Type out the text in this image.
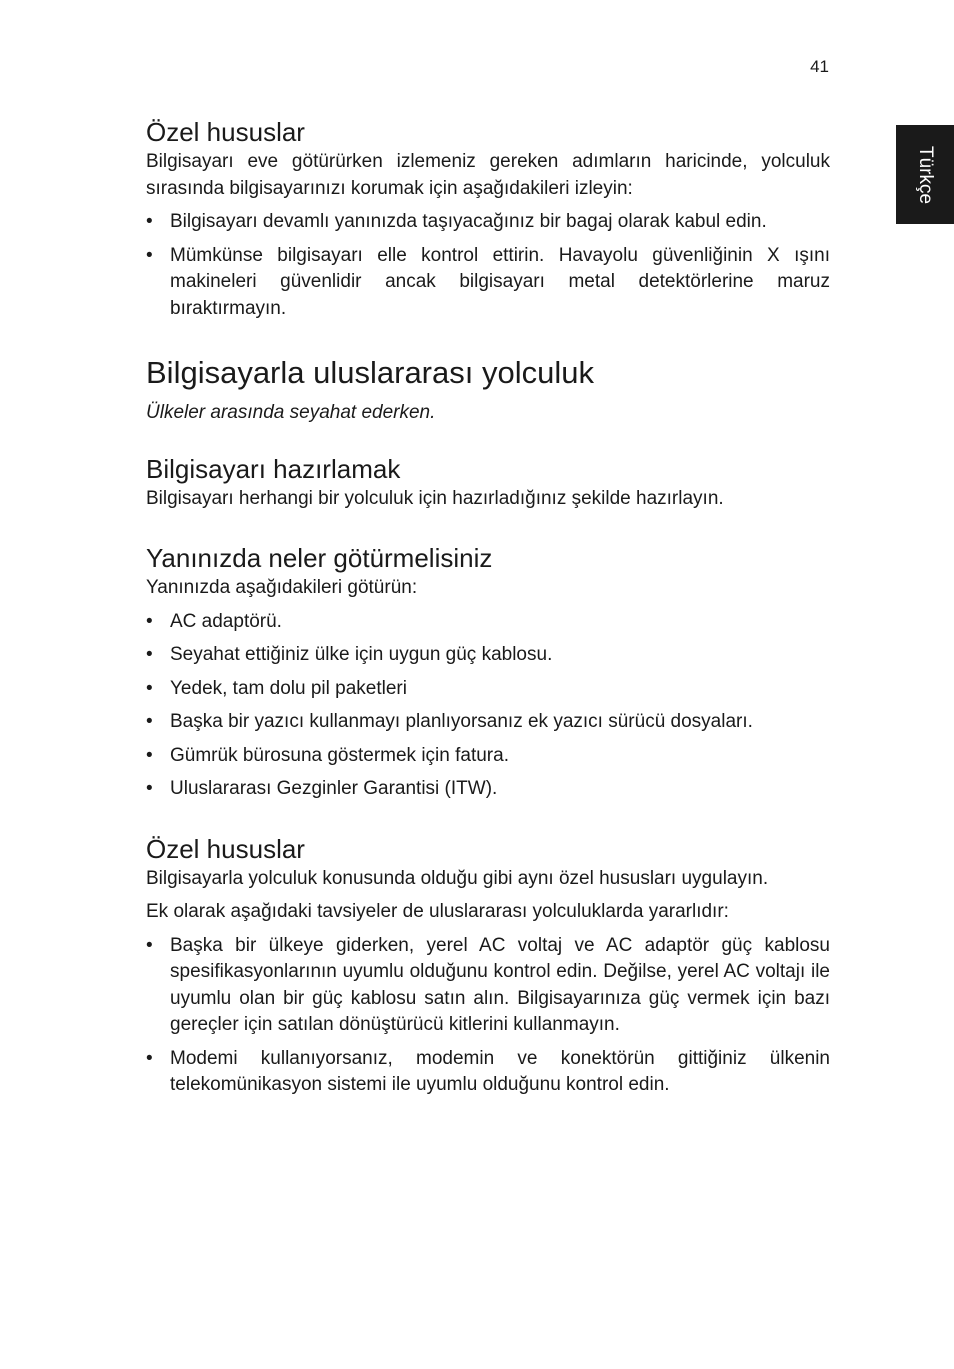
41
Türkçe
Özel hususlar

Bilgisayarı eve götürürken izlemeniz gereken adımların haricinde, yolculuk sırasında bilgisayarınızı korumak için aşağıdakileri izleyin:

• Bilgisayarı devamlı yanınızda taşıyacağınız bir bagaj olarak kabul edin.
• Mümkünse bilgisayarı elle kontrol ettirin. Havayolu güvenliğinin X ışını makineleri güvenlidir ancak bilgisayarı metal detektörlerine maruz bıraktırmayın.
Bilgisayarla uluslararası yolculuk

Ülkeler arasında seyahat ederken.

Bilgisayarı hazırlamak

Bilgisayarı herhangi bir yolculuk için hazırladığınız şekilde hazırlayın.

Yanınızda neler götürmelisiniz

Yanınızda aşağıdakileri götürün:

• AC adaptörü.
• Seyahat ettiğiniz ülke için uygun güç kablosu.
• Yedek, tam dolu pil paketleri
• Başka bir yazıcı kullanmayı planlıyorsanız ek yazıcı sürücü dosyaları.
• Gümrük bürosuna göstermek için fatura.
• Uluslararası Gezginler Garantisi (ITW).
Özel hususlar

Bilgisayarla yolculuk konusunda olduğu gibi aynı özel hususları uygulayın.

Ek olarak aşağıdaki tavsiyeler de uluslararası yolculuklarda yararlıdır:

• Başka bir ülkeye giderken, yerel AC voltaj ve AC adaptör güç kablosu spesifikasyonlarının uyumlu olduğunu kontrol edin. Değilse, yerel AC voltajı ile uyumlu olan bir güç kablosu satın alın. Bilgisayarınıza güç vermek için bazı gereçler için satılan dönüştürücü kitlerini kullanmayın.
• Modemi kullanıyorsanız, modemin ve konektörün gittiğiniz ülkenin telekomünikasyon sistemi ile uyumlu olduğunu kontrol edin.
